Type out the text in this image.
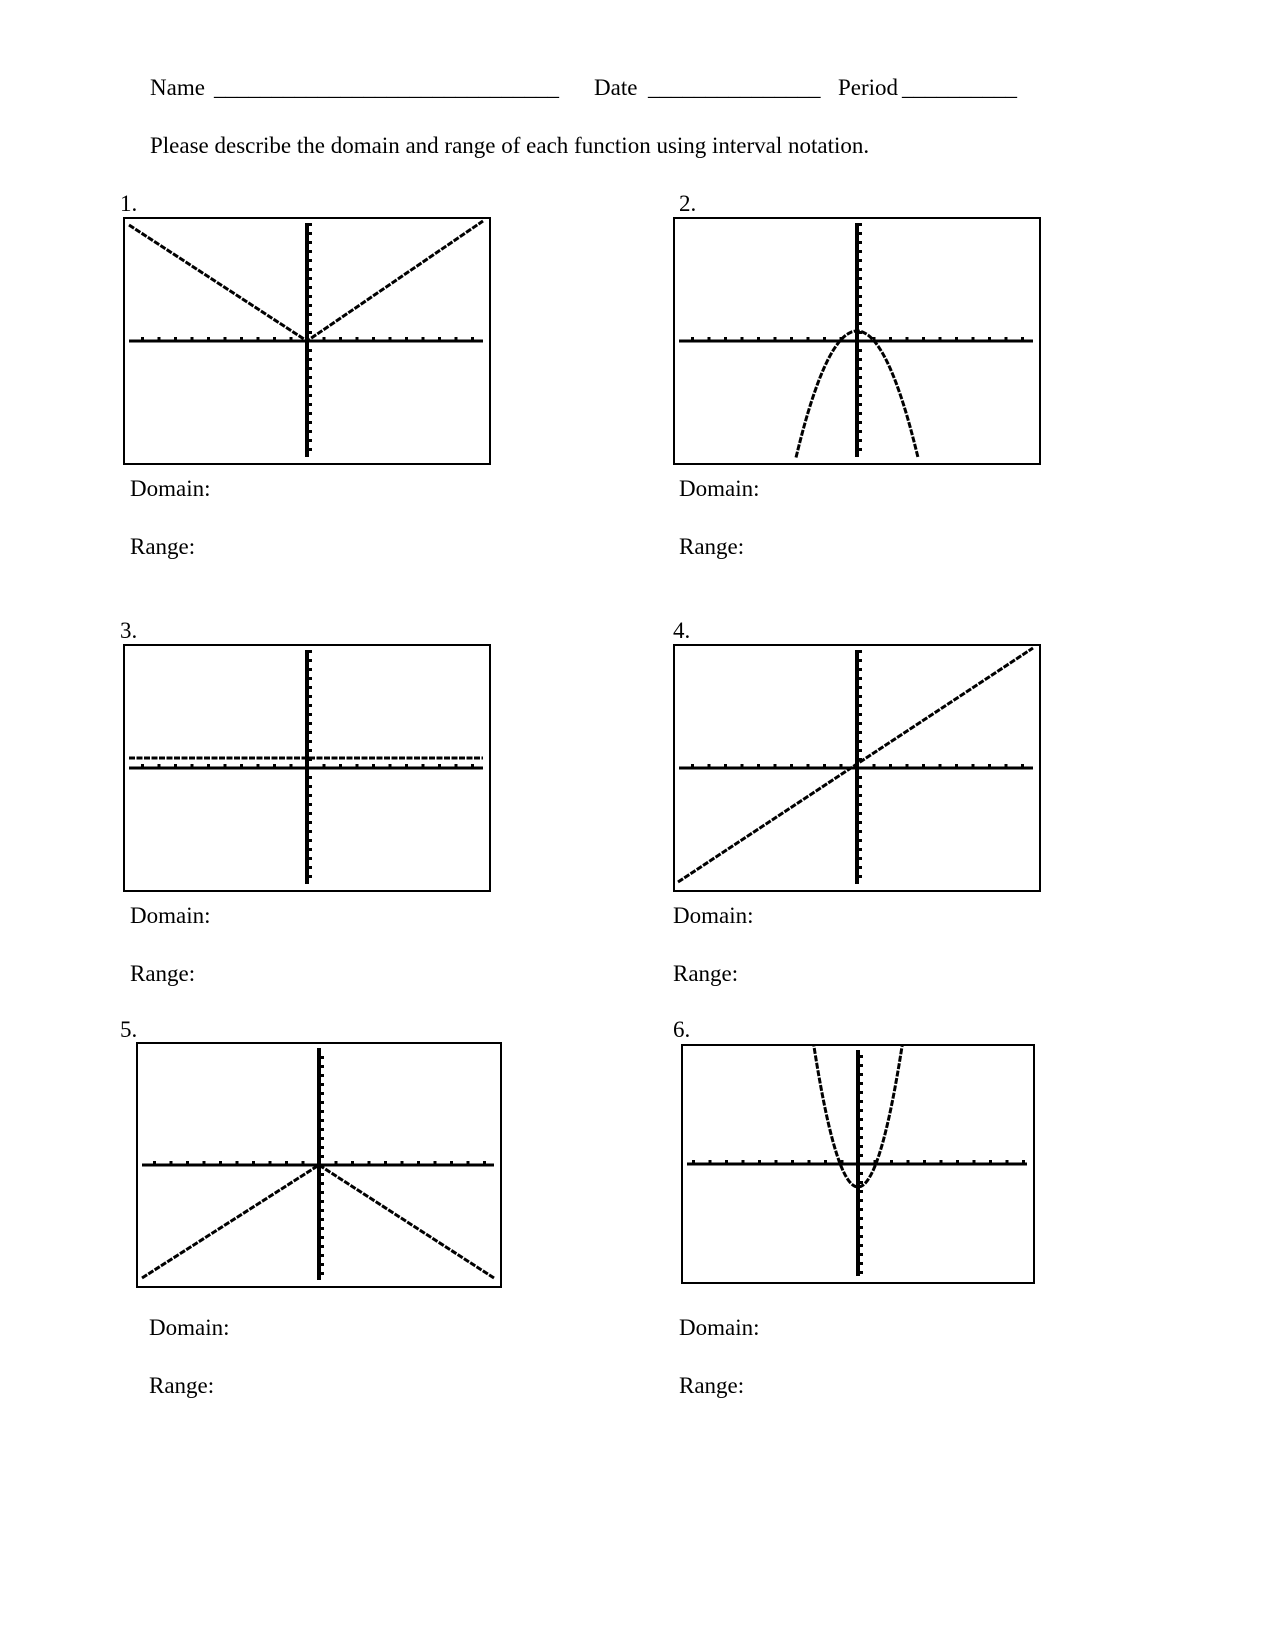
Name ______________________________ Date _______________ Period __________
Please describe the domain and range of each function using interval notation.
1.
Domain:
Range:
2.
Domain:
Range:
3.
Domain:
Range:
4.
Domain:
Range:
5.
Domain:
Range:
6.
Domain:
Range:
